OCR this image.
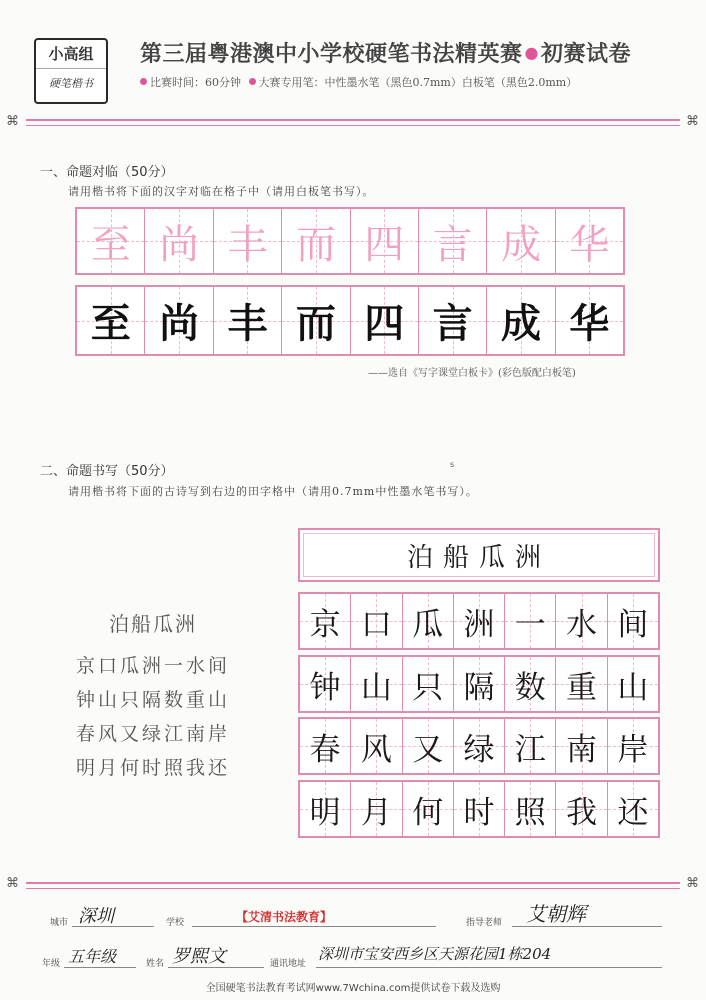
小高组
硬笔楷书
第三届粤港澳中小学校硬笔书法精英赛 ●初赛试卷
比赛时间：60分钟 大赛专用笔：中性墨水笔（黑色0.7mm）白板笔（黑色2.0mm）
⌘	⌘
一、命题对临（50分）
请用楷书将下面的汉字对临在格子中（请用白板笔书写）。
至 尚 丰 而 四 言 成 华
至 尚 丰 而 四 言 成 华
——选自《写字课堂白板卡》(彩色版配白板笔)
二、命题书写（50分）	s
请用楷书将下面的古诗写到右边的田字格中（请用0.7mm中性墨水笔书写）。
泊船瓜洲
京口瓜洲一水间
钟山只隔数重山
春风又绿江南岸
明月何时照我还
泊船瓜洲
京 口 瓜 洲 一 水 间
钟 山 只 隔 数 重 山
春 风 又 绿 江 南 岸
明 月 何 时 照 我 还
⌘	⌘
城市 深圳	学校	【艾清书法教育】	指导老师 艾朝辉
年级 五年级	姓名 罗熙文	通讯地址
深圳市宝安西乡区天源花园1栋204
全国硬笔书法教育考试网www.7Wchina.com提供试卷下载及选购
